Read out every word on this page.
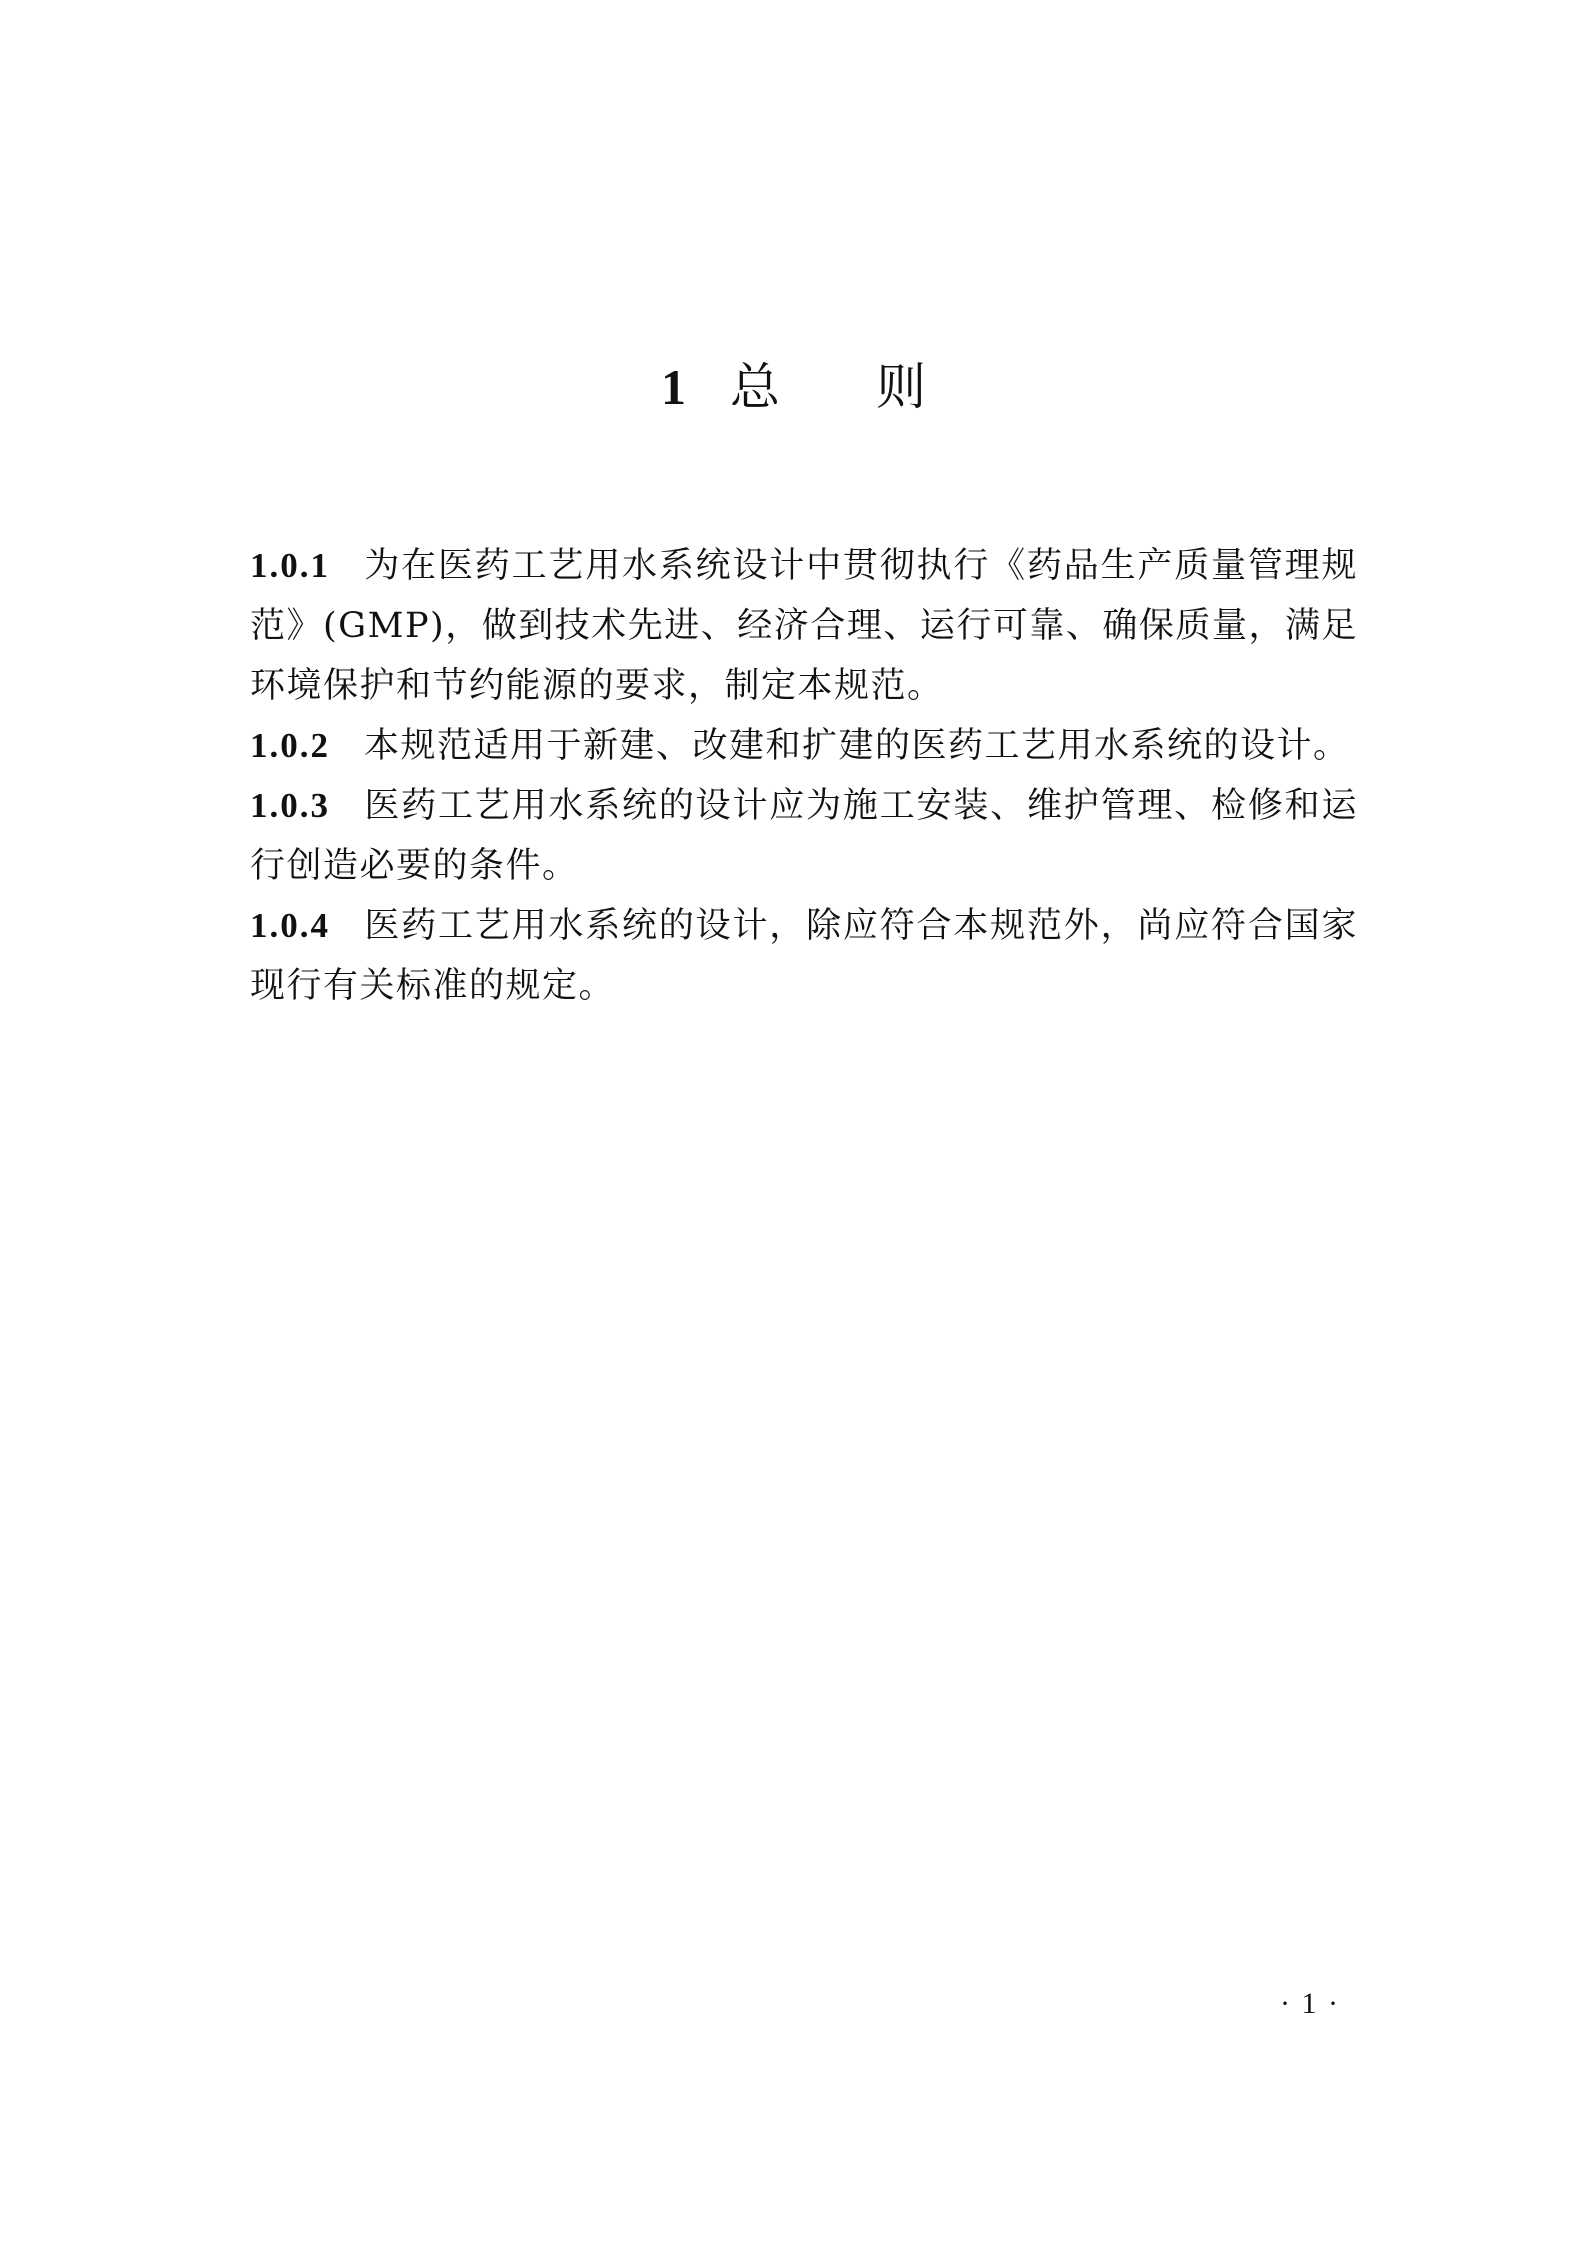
1 总 则

1.0.1 为在医药工艺用水系统设计中贯彻执行《药品生产质量管理规范》(GMP)，做到技术先进、经济合理、运行可靠、确保质量，满足环境保护和节约能源的要求，制定本规范。

1.0.2 本规范适用于新建、改建和扩建的医药工艺用水系统的设计。

1.0.3 医药工艺用水系统的设计应为施工安装、维护管理、检修和运行创造必要的条件。

1.0.4 医药工艺用水系统的设计，除应符合本规范外，尚应符合国家现行有关标准的规定。

· 1 ·
